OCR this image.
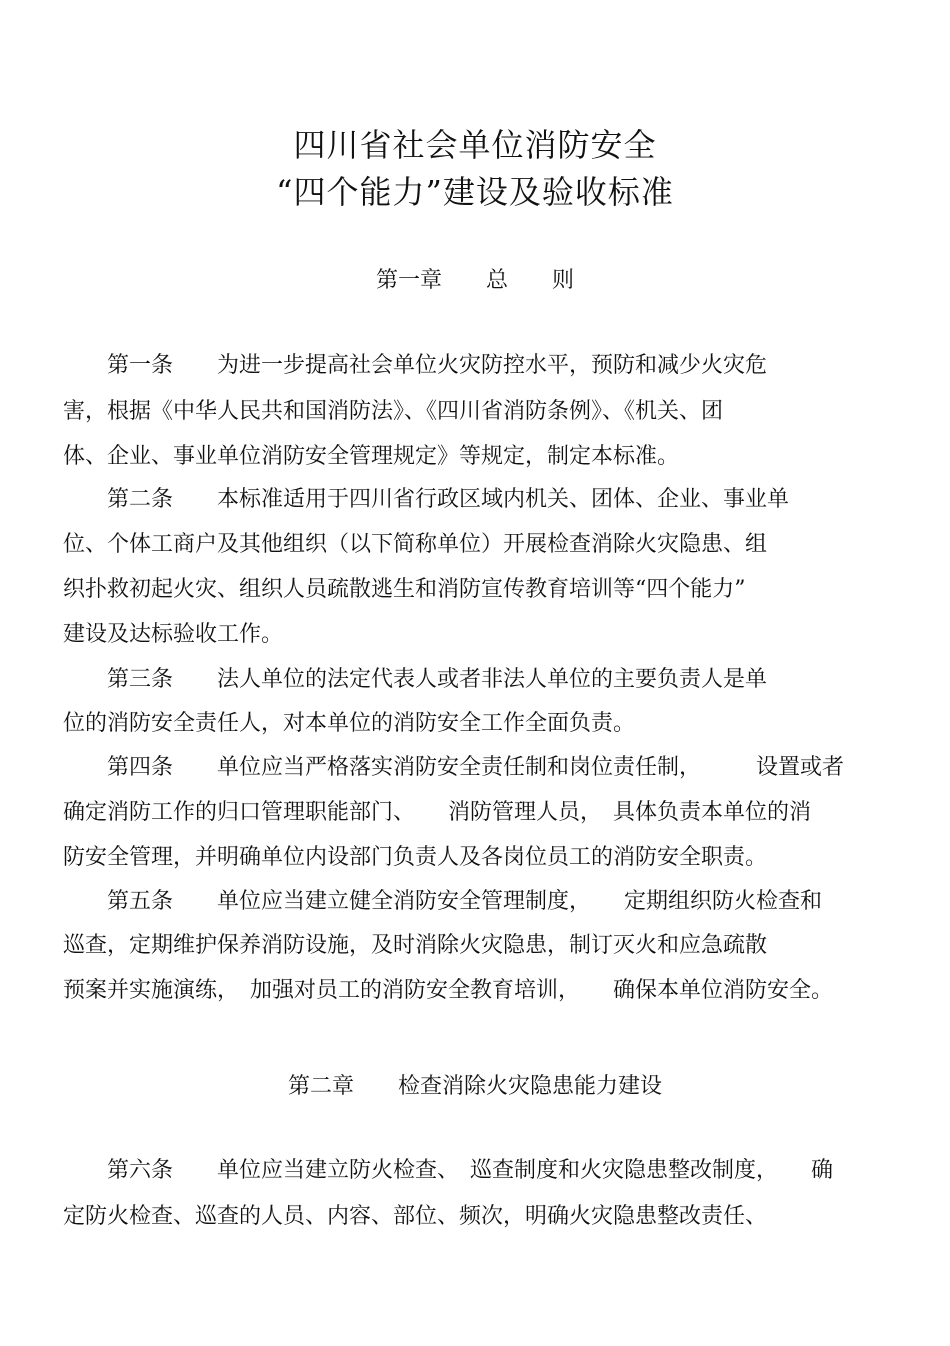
四川省社会单位消防安全
“四个能力”建设及验收标准
第一章　　总　　则
　　第一条　　为进一步提高社会单位火灾防控水平，预防和减少火灾危
害，根据《中华人民共和国消防法》、《四川省消防条例》、《机关、团
体、企业、事业单位消防安全管理规定》等规定，制定本标准。
　　第二条　　本标准适用于四川省行政区域内机关、团体、企业、事业单
位、个体工商户及其他组织（以下简称单位）开展检查消除火灾隐患、组
织扑救初起火灾、组织人员疏散逃生和消防宣传教育培训等“四个能力”
建设及达标验收工作。
　　第三条　　法人单位的法定代表人或者非法人单位的主要负责人是单
位的消防安全责任人，对本单位的消防安全工作全面负责。
　　第四条　　单位应当严格落实消防安全责任制和岗位责任制，　　　设置或者
确定消防工作的归口管理职能部门、　　消防管理人员，　具体负责本单位的消
防安全管理，并明确单位内设部门负责人及各岗位员工的消防安全职责。
　　第五条　　单位应当建立健全消防安全管理制度，　　定期组织防火检查和
巡查，定期维护保养消防设施，及时消除火灾隐患，制订灭火和应急疏散
预案并实施演练，　加强对员工的消防安全教育培训，　　确保本单位消防安全。
第二章　　检查消除火灾隐患能力建设
　　第六条　　单位应当建立防火检查、　巡查制度和火灾隐患整改制度，　　确
定防火检查、巡查的人员、内容、部位、频次，明确火灾隐患整改责任、
